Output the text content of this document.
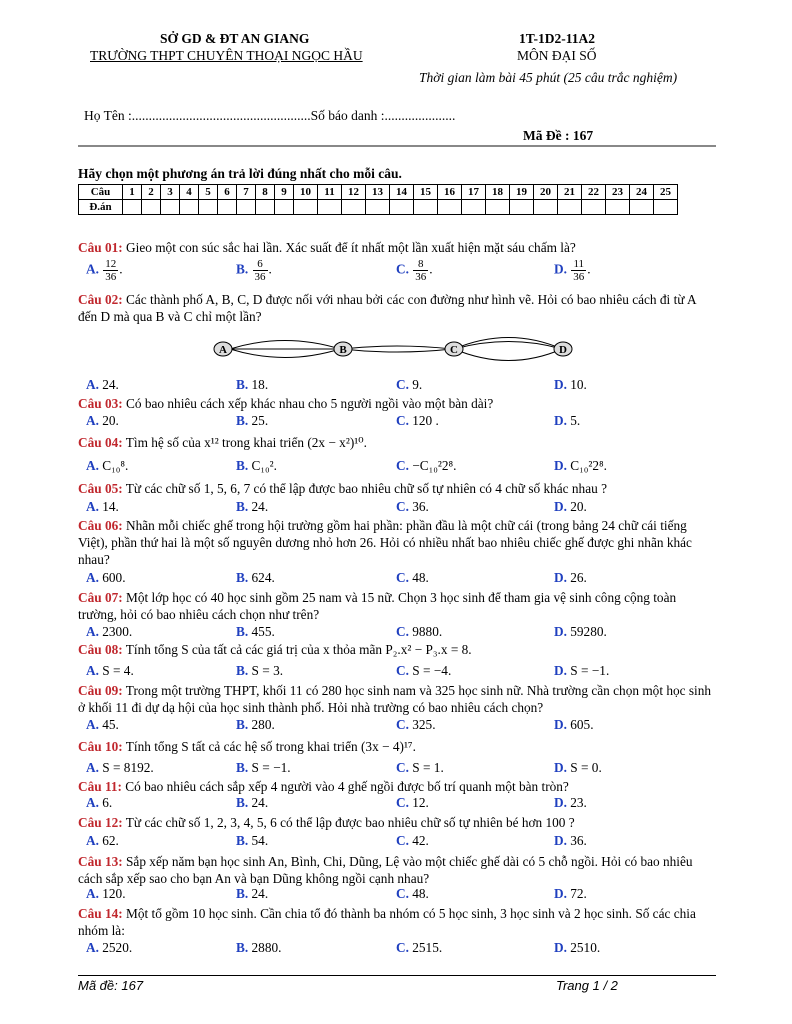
SỞ GD & ĐT AN GIANG
TRƯỜNG THPT CHUYÊN THOẠI NGỌC HẦU
1T-1D2-11A2
MÔN ĐẠI SỐ
Thời gian làm bài 45 phút (25 câu trắc nghiệm)
Họ Tên :.....................................................Số báo danh :.....................
Mã Đề : 167
Hãy chọn một phương án trả lời đúng nhất cho mỗi câu.
Câu	1	2	3	4	5	6	7	8	9	10	11	12	13	14	15	16	17	18	19	20	21	22	23	24	25
Đ.án																									
A	B	C	D
Câu 01: Gieo một con súc sắc hai lần. Xác suất để ít nhất một lần xuất hiện mặt sáu chấm là?
A. $\frac{12}{36}$ .	B. $\frac{6}{36}$ .	C. $\frac{8}{36}$ .	D. $\frac{11}{36}$ .
Câu 02: Các thành phố A, B, C, D được nối với nhau bởi các con đường như hình vẽ. Hỏi có bao nhiêu cách đi từ A đến D mà qua B và C chỉ một lần?
A. 24.	B. 18.	C. 9.	D. 10.
Câu 03: Có bao nhiêu cách xếp khác nhau cho 5 người ngồi vào một bàn dài?
A. 20.	B. 25.	C. 120 .	D. 5.
Câu 04: Tìm hệ số của x¹² trong khai triển (2x − x²)¹⁰.
A. C₁₀⁸.	B. C₁₀².	C. −C₁₀²2⁸.	D. C₁₀²2⁸.
Câu 05: Từ các chữ số 1, 5, 6, 7 có thể lập được bao nhiêu chữ số tự nhiên có 4 chữ số khác nhau ?
A. 14.	B. 24.	C. 36.	D. 20.
Câu 06: Nhãn mỗi chiếc ghế trong hội trường gồm hai phần: phần đầu là một chữ cái (trong bảng 24 chữ cái tiếng Việt), phần thứ hai là một số nguyên dương nhỏ hơn 26. Hỏi có nhiều nhất bao nhiêu chiếc ghế được ghi nhãn khác nhau?
A. 600.	B. 624.	C. 48.	D. 26.
Câu 07: Một lớp học có 40 học sinh gồm 25 nam và 15 nữ. Chọn 3 học sinh để tham gia vệ sinh công cộng toàn trường, hỏi có bao nhiêu cách chọn như trên?
A. 2300.	B. 455.	C. 9880.	D. 59280.
Câu 08: Tính tổng S của tất cả các giá trị của x thỏa mãn P₂.x² − P₃.x = 8.
A. S = 4.	B. S = 3.	C. S = −4.	D. S = −1.
Câu 09: Trong một trường THPT, khối 11 có 280 học sinh nam và 325 học sinh nữ. Nhà trường cần chọn một học sinh ở khối 11 đi dự dạ hội của học sinh thành phố. Hỏi nhà trường có bao nhiêu cách chọn?
A. 45.	B. 280.	C. 325.	D. 605.
Câu 10: Tính tổng S tất cả các hệ số trong khai triển (3x − 4)¹⁷.
A. S = 8192.	B. S = −1.	C. S = 1.	D. S = 0.
Câu 11: Có bao nhiêu cách sắp xếp 4 người vào 4 ghế ngồi được bố trí quanh một bàn tròn?
A. 6.	B. 24.	C. 12.	D. 23.
Câu 12: Từ các chữ số 1, 2, 3, 4, 5, 6 có thể lập được bao nhiêu chữ số tự nhiên bé hơn 100 ?
A. 62.	B. 54.	C. 42.	D. 36.
Câu 13: Sắp xếp năm bạn học sinh An, Bình, Chi, Dũng, Lệ vào một chiếc ghế dài có 5 chỗ ngồi. Hỏi có bao nhiêu cách sắp xếp sao cho bạn An và bạn Dũng không ngồi cạnh nhau?
A. 120.	B. 24.	C. 48.	D. 72.
Câu 14: Một tổ gồm 10 học sinh. Cần chia tổ đó thành ba nhóm có 5 học sinh, 3 học sinh và 2 học sinh. Số các chia nhóm là:
A. 2520.	B. 2880.	C. 2515.	D. 2510.
Mã đề: 167	Trang 1 / 2
